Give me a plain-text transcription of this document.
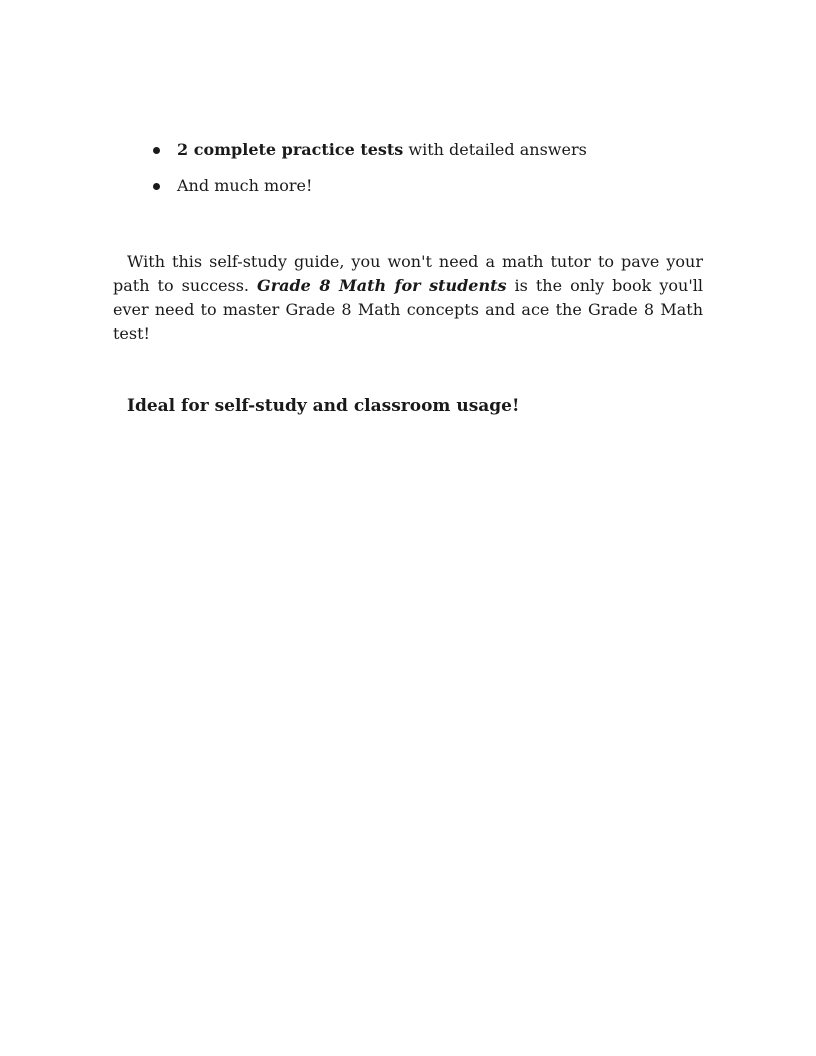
2 complete practice tests with detailed answers
And much more!

With this self-study guide, you won't need a math tutor to pave your path to success. Grade 8 Math for students is the only book you'll ever need to master Grade 8 Math concepts and ace the Grade 8 Math test!

Ideal for self-study and classroom usage!
